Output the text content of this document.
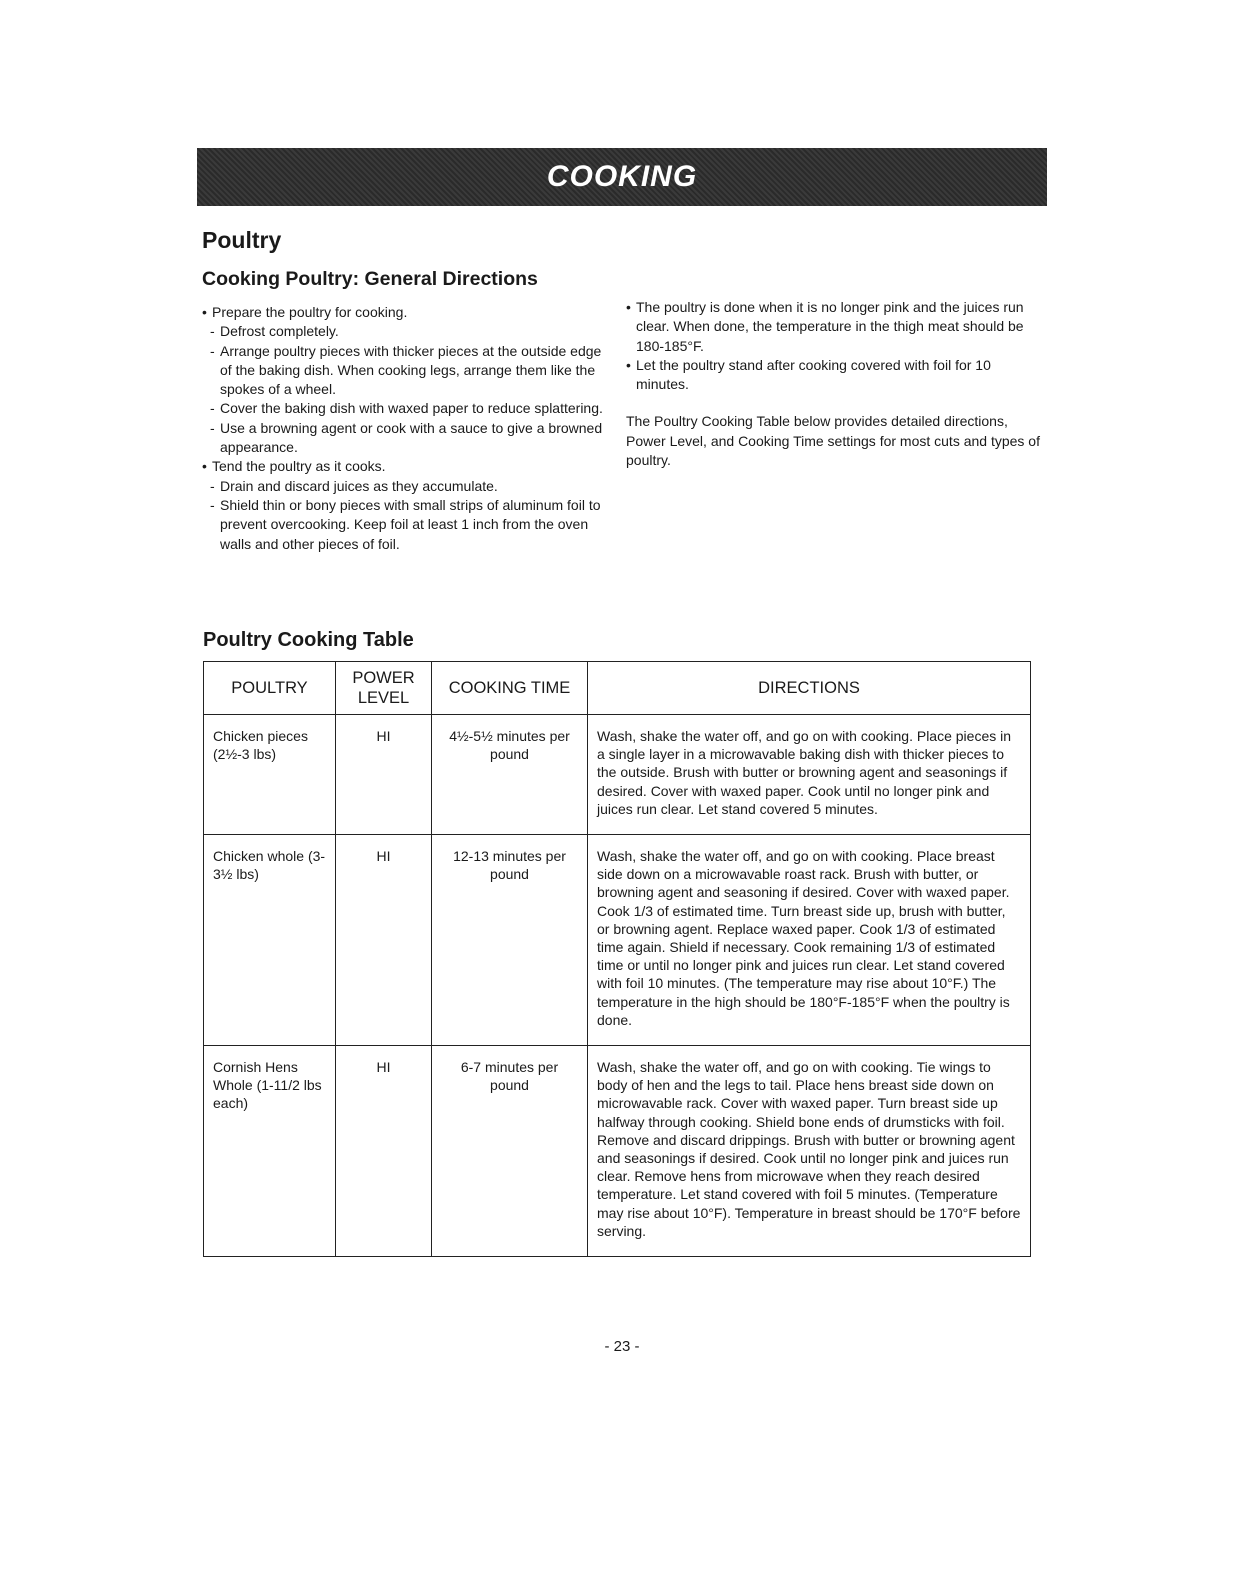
COOKING
Poultry
Cooking Poultry: General Directions
• Prepare the poultry for cooking.
- Defrost completely.
- Arrange poultry pieces with thicker pieces at the outside edge of the baking dish. When cooking legs, arrange them like the spokes of a wheel.
- Cover the baking dish with waxed paper to reduce splattering.
- Use a browning agent or cook with a sauce to give a browned appearance.
• Tend the poultry as it cooks.
- Drain and discard juices as they accumulate.
- Shield thin or bony pieces with small strips of aluminum foil to prevent overcooking. Keep foil at least 1 inch from the oven walls and other pieces of foil.
• The poultry is done when it is no longer pink and the juices run clear. When done, the temperature in the thigh meat should be 180-185°F.
• Let the poultry stand after cooking covered with foil for 10 minutes.
The Poultry Cooking Table below provides detailed directions, Power Level, and Cooking Time settings for most cuts and types of poultry.
Poultry Cooking Table
POULTRY	POWER LEVEL	COOKING TIME	DIRECTIONS
Chicken pieces (2½-3 lbs)	HI	4½-5½ minutes per pound	Wash, shake the water off, and go on with cooking. Place pieces in a single layer in a microwavable baking dish with thicker pieces to the outside. Brush with butter or browning agent and seasonings if desired. Cover with waxed paper. Cook until no longer pink and juices run clear. Let stand covered 5 minutes.
Chicken whole (3-3½ lbs)	HI	12-13 minutes per pound	Wash, shake the water off, and go on with cooking. Place breast side down on a microwavable roast rack. Brush with butter, or browning agent and seasoning if desired. Cover with waxed paper. Cook 1/3 of estimated time. Turn breast side up, brush with butter, or browning agent. Replace waxed paper. Cook 1/3 of estimated time again. Shield if necessary. Cook remaining 1/3 of estimated time or until no longer pink and juices run clear. Let stand covered with foil 10 minutes. (The temperature may rise about 10°F.) The temperature in the high should be 180°F-185°F when the poultry is done.
Cornish Hens Whole (1-11/2 lbs each)	HI	6-7 minutes per pound	Wash, shake the water off, and go on with cooking. Tie wings to body of hen and the legs to tail. Place hens breast side down on microwavable rack. Cover with waxed paper. Turn breast side up halfway through cooking. Shield bone ends of drumsticks with foil. Remove and discard drippings. Brush with butter or browning agent and seasonings if desired. Cook until no longer pink and juices run clear. Remove hens from microwave when they reach desired temperature. Let stand covered with foil 5 minutes. (Temperature may rise about 10°F). Temperature in breast should be 170°F before serving.
- 23 -
